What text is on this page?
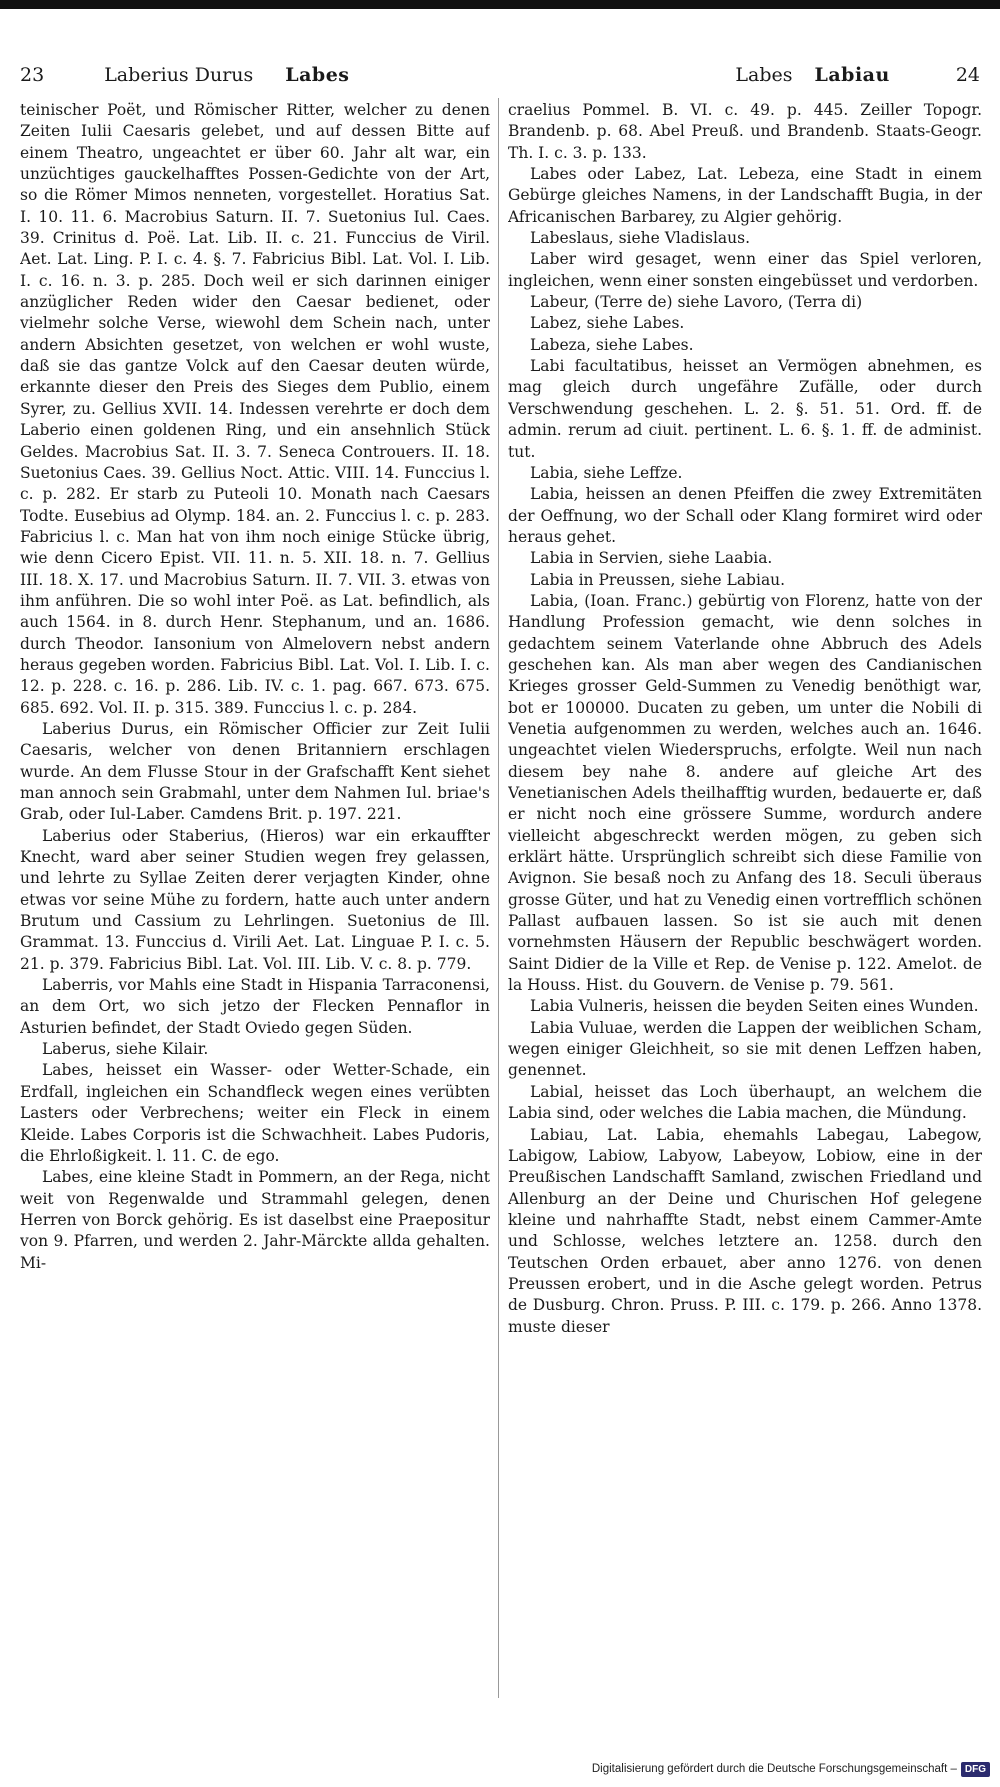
23	Laberius Durus Labes	Labes Labiau	24

teinischer Poët, und Römischer Ritter, welcher zu denen Zeiten Iulii Caesaris gelebet, und auf dessen Bitte auf einem Theatro, ungeachtet er über 60. Jahr alt war, ein unzüchtiges gauckelhafftes Possen-Gedichte von der Art, so die Römer Mimos nenneten, vorgestellet. Horatius Sat. I. 10. 11. 6. Macrobius Saturn. II. 7. Suetonius Iul. Caes. 39. Crinitus d. Poë. Lat. Lib. II. c. 21. Funccius de Viril. Aet. Lat. Ling. P. I. c. 4. §. 7. Fabricius Bibl. Lat. Vol. I. Lib. I. c. 16. n. 3. p. 285. Doch weil er sich darinnen einiger anzüglicher Reden wider den Caesar bedienet, oder vielmehr solche Verse, wiewohl dem Schein nach, unter andern Absichten gesetzet, von welchen er wohl wuste, daß sie das gantze Volck auf den Caesar deuten würde, erkannte dieser den Preis des Sieges dem Publio, einem Syrer, zu. Gellius XVII. 14. Indessen verehrte er doch dem Laberio einen goldenen Ring, und ein ansehnlich Stück Geldes. Macrobius Sat. II. 3. 7. Seneca Controuers. II. 18. Suetonius Caes. 39. Gellius Noct. Attic. VIII. 14. Funccius l. c. p. 282. Er starb zu Puteoli 10. Monath nach Caesars Todte. Eusebius ad Olymp. 184. an. 2. Funccius l. c. p. 283. Fabricius l. c. Man hat von ihm noch einige Stücke übrig, wie denn Cicero Epist. VII. 11. n. 5. XII. 18. n. 7. Gellius III. 18. X. 17. und Macrobius Saturn. II. 7. VII. 3. etwas von ihm anführen. Die so wohl inter Poë. as Lat. befindlich, als auch 1564. in 8. durch Henr. Stephanum, und an. 1686. durch Theodor. Iansonium von Almelovern nebst andern heraus gegeben worden. Fabricius Bibl. Lat. Vol. I. Lib. I. c. 12. p. 228. c. 16. p. 286. Lib. IV. c. 1. pag. 667. 673. 675. 685. 692. Vol. II. p. 315. 389. Funccius l. c. p. 284.

Laberius Durus, ein Römischer Officier zur Zeit Iulii Caesaris, welcher von denen Britanniern erschlagen wurde. An dem Flusse Stour in der Grafschafft Kent siehet man annoch sein Grabmahl, unter dem Nahmen Iul. briae's Grab, oder Iul-Laber. Camdens Brit. p. 197. 221.

Laberius oder Staberius, (Hieros) war ein erkauffter Knecht, ward aber seiner Studien wegen frey gelassen, und lehrte zu Syllae Zeiten derer verjagten Kinder, ohne etwas vor seine Mühe zu fordern, hatte auch unter andern Brutum und Cassium zu Lehrlingen. Suetonius de Ill. Grammat. 13. Funccius d. Virili Aet. Lat. Linguae P. I. c. 5. 21. p. 379. Fabricius Bibl. Lat. Vol. III. Lib. V. c. 8. p. 779.

Laberris, vor Mahls eine Stadt in Hispania Tarraconensi, an dem Ort, wo sich jetzo der Flecken Pennaflor in Asturien befindet, der Stadt Oviedo gegen Süden.

Laberus, siehe Kilair.

Labes, heisset ein Wasser- oder Wetter-Schade, ein Erdfall, ingleichen ein Schandfleck wegen eines verübten Lasters oder Verbrechens; weiter ein Fleck in einem Kleide. Labes Corporis ist die Schwachheit. Labes Pudoris, die Ehrloßigkeit. l. 11. C. de ego.

Labes, eine kleine Stadt in Pommern, an der Rega, nicht weit von Regenwalde und Strammahl gelegen, denen Herren von Borck gehörig. Es ist daselbst eine Praepositur von 9. Pfarren, und werden 2. Jahr-Märckte allda gehalten. Mi-

craelius Pommel. B. VI. c. 49. p. 445. Zeiller Topogr. Brandenb. p. 68. Abel Preuß. und Brandenb. Staats-Geogr. Th. I. c. 3. p. 133.

Labes oder Labez, Lat. Lebeza, eine Stadt in einem Gebürge gleiches Namens, in der Landschafft Bugia, in der Africanischen Barbarey, zu Algier gehörig.

Labeslaus, siehe Vladislaus.

Laber wird gesaget, wenn einer das Spiel verloren, ingleichen, wenn einer sonsten eingebüsset und verdorben.

Labeur, (Terre de) siehe Lavoro, (Terra di)

Labez, siehe Labes.

Labeza, siehe Labes.

Labi facultatibus, heisset an Vermögen abnehmen, es mag gleich durch ungefähre Zufälle, oder durch Verschwendung geschehen. L. 2. §. 51. 51. Ord. ff. de admin. rerum ad ciuit. pertinent. L. 6. §. 1. ff. de administ. tut.

Labia, siehe Leffze.

Labia, heissen an denen Pfeiffen die zwey Extremitäten der Oeffnung, wo der Schall oder Klang formiret wird oder heraus gehet.

Labia in Servien, siehe Laabia.

Labia in Preussen, siehe Labiau.

Labia, (Ioan. Franc.) gebürtig von Florenz, hatte von der Handlung Profession gemacht, wie denn solches in gedachtem seinem Vaterlande ohne Abbruch des Adels geschehen kan. Als man aber wegen des Candianischen Krieges grosser Geld-Summen zu Venedig benöthigt war, bot er 100000. Ducaten zu geben, um unter die Nobili di Venetia aufgenommen zu werden, welches auch an. 1646. ungeachtet vielen Wiederspruchs, erfolgte. Weil nun nach diesem bey nahe 8. andere auf gleiche Art des Venetianischen Adels theilhafftig wurden, bedauerte er, daß er nicht noch eine grössere Summe, wordurch andere vielleicht abgeschreckt werden mögen, zu geben sich erklärt hätte. Ursprünglich schreibt sich diese Familie von Avignon. Sie besaß noch zu Anfang des 18. Seculi überaus grosse Güter, und hat zu Venedig einen vortrefflich schönen Pallast aufbauen lassen. So ist sie auch mit denen vornehmsten Häusern der Republic beschwägert worden. Saint Didier de la Ville et Rep. de Venise p. 122. Amelot. de la Houss. Hist. du Gouvern. de Venise p. 79. 561.

Labia Vulneris, heissen die beyden Seiten eines Wunden.

Labia Vuluae, werden die Lappen der weiblichen Scham, wegen einiger Gleichheit, so sie mit denen Leffzen haben, genennet.

Labial, heisset das Loch überhaupt, an welchem die Labia sind, oder welches die Labia machen, die Mündung.

Labiau, Lat. Labia, ehemahls Labegau, Labegow, Labigow, Labiow, Labyow, Labeyow, Lobiow, eine in der Preußischen Landschafft Samland, zwischen Friedland und Allenburg an der Deine und Churischen Hof gelegene kleine und nahrhaffte Stadt, nebst einem Cammer-Amte und Schlosse, welches letztere an. 1258. durch den Teutschen Orden erbauet, aber anno 1276. von denen Preussen erobert, und in die Asche gelegt worden. Petrus de Dusburg. Chron. Pruss. P. III. c. 179. p. 266. Anno 1378. muste dieser

Digitalisierung gefördert durch die Deutsche Forschungsgemeinschaft – DFG
